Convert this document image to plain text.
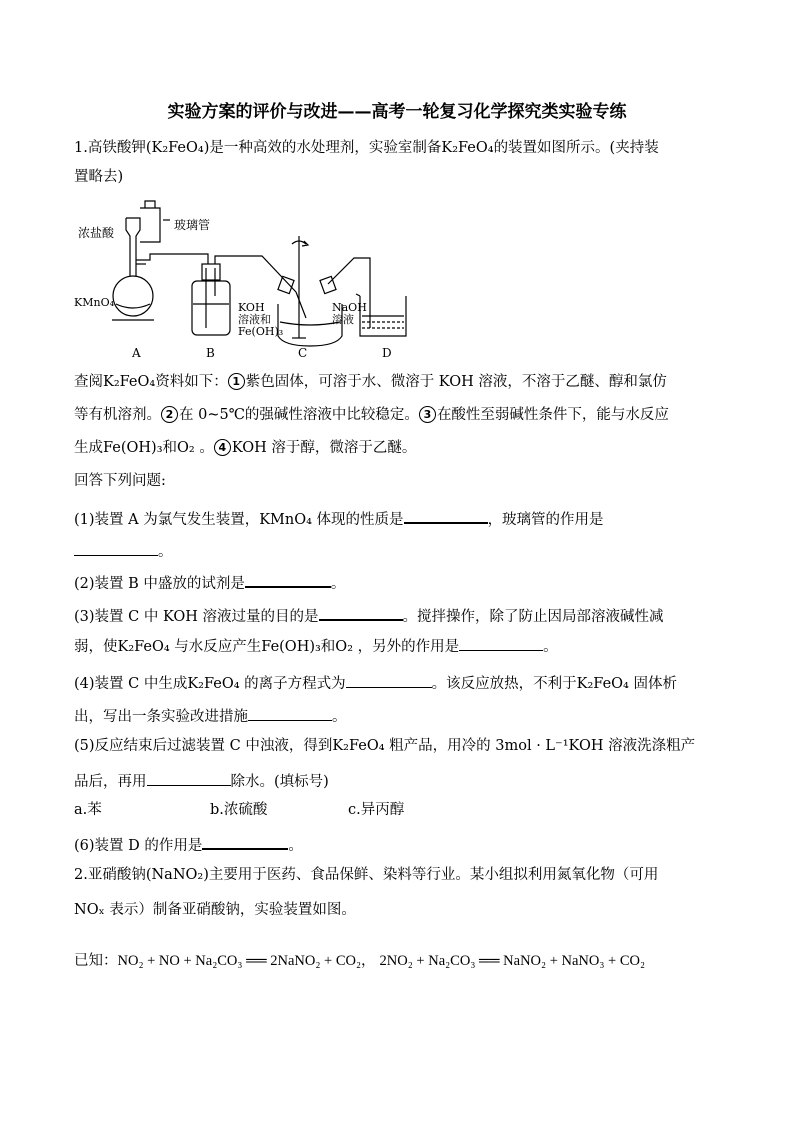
实验方案的评价与改进——高考一轮复习化学探究类实验专练
1.高铁酸钾(K₂FeO₄)是一种高效的水处理剂，实验室制备K₂FeO₄的装置如图所示。(夹持装
置略去)
浓盐酸
玻璃管
KMnO₄	KOH
溶液和
Fe(OH)₃
NaOH
溶液
A	B	C	D
查阅K₂FeO₄资料如下： 1 紫色固体，可溶于水、微溶于 KOH 溶液，不溶于乙醚、醇和氯仿
等有机溶剂。 2 在 0~5℃的强碱性溶液中比较稳定。 3 在酸性至弱碱性条件下，能与水反应
生成Fe(OH)₃和O₂ 。 4 KOH 溶于醇，微溶于乙醚。
回答下列问题:
(1)装置 A 为氯气发生装置，KMnO₄ 体现的性质是	，玻璃管的作用是
。
(2)装置 B 中盛放的试剂是	。
(3)装置 C 中 KOH 溶液过量的目的是	。搅拌操作，除了防止因局部溶液碱性减
弱，使K₂FeO₄ 与水反应产生Fe(OH)₃和O₂ ，另外的作用是	。
(4)装置 C 中生成K₂FeO₄ 的离子方程式为	。该反应放热，不利于K₂FeO₄ 固体析
出，写出一条实验改进措施	。
(5)反应结束后过滤装置 C 中浊液，得到K₂FeO₄ 粗产品，用冷的 3mol · L⁻¹KOH 溶液洗涤粗产
品后，再用	除水。(填标号)
a.苯	b.浓硫酸	c.异丙醇
(6)装置 D 的作用是	。
2.亚硝酸钠(NaNO₂)主要用于医药、食品保鲜、染料等行业。某小组拟利用氮氧化物（可用
NOₓ 表示）制备亚硝酸钠，实验装置如图。
已知：NO₂ + NO + Na₂CO₃ ══ 2NaNO₂ + CO₂， 2NO₂ + Na₂CO₃ ══ NaNO₂ + NaNO₃ + CO₂
